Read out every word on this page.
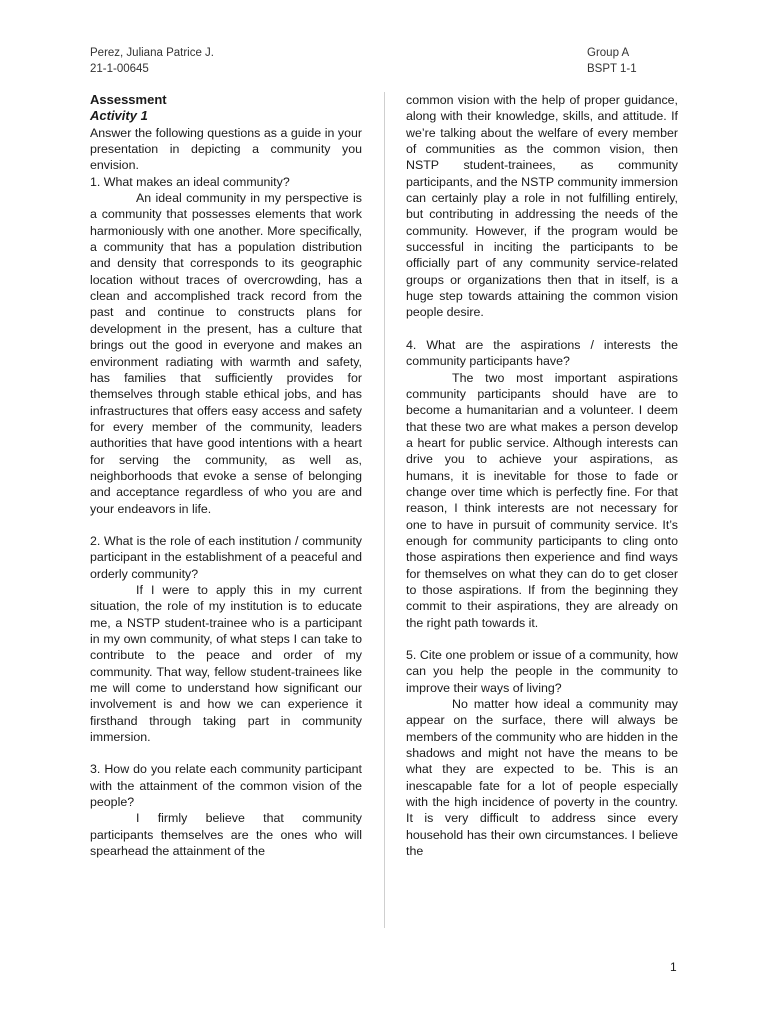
Perez, Juliana Patrice J.
21-1-00645
Group A
BSPT 1-1

Assessment

Activity 1

Answer the following questions as a guide in your presentation in depicting a community you envision.

1. What makes an ideal community?

An ideal community in my perspective is a community that possesses elements that work harmoniously with one another. More specifically, a community that has a population distribution and density that corresponds to its geographic location without traces of overcrowding, has a clean and accomplished track record from the past and continue to constructs plans for development in the present, has a culture that brings out the good in everyone and makes an environment radiating with warmth and safety, has families that sufficiently provides for themselves through stable ethical jobs, and has infrastructures that offers easy access and safety for every member of the community, leaders authorities that have good intentions with a heart for serving the community, as well as, neighborhoods that evoke a sense of belonging and acceptance regardless of who you are and your endeavors in life.

2. What is the role of each institution / community participant in the establishment of a peaceful and orderly community?

If I were to apply this in my current situation, the role of my institution is to educate me, a NSTP student-trainee who is a participant in my own community, of what steps I can take to contribute to the peace and order of my community. That way, fellow student-trainees like me will come to understand how significant our involvement is and how we can experience it firsthand through taking part in community immersion.

3. How do you relate each community participant with the attainment of the common vision of the people?

I firmly believe that community participants themselves are the ones who will spearhead the attainment of the

common vision with the help of proper guidance, along with their knowledge, skills, and attitude. If we’re talking about the welfare of every member of communities as the common vision, then NSTP student-trainees, as community participants, and the NSTP community immersion can certainly play a role in not fulfilling entirely, but contributing in addressing the needs of the community. However, if the program would be successful in inciting the participants to be officially part of any community service-related groups or organizations then that in itself, is a huge step towards attaining the common vision people desire.

4. What are the aspirations / interests the community participants have?

The two most important aspirations community participants should have are to become a humanitarian and a volunteer. I deem that these two are what makes a person develop a heart for public service. Although interests can drive you to achieve your aspirations, as humans, it is inevitable for those to fade or change over time which is perfectly fine. For that reason, I think interests are not necessary for one to have in pursuit of community service. It’s enough for community participants to cling onto those aspirations then experience and find ways for themselves on what they can do to get closer to those aspirations. If from the beginning they commit to their aspirations, they are already on the right path towards it.

5. Cite one problem or issue of a community, how can you help the people in the community to improve their ways of living?

No matter how ideal a community may appear on the surface, there will always be members of the community who are hidden in the shadows and might not have the means to be what they are expected to be. This is an inescapable fate for a lot of people especially with the high incidence of poverty in the country. It is very difficult to address since every household has their own circumstances. I believe the

1
